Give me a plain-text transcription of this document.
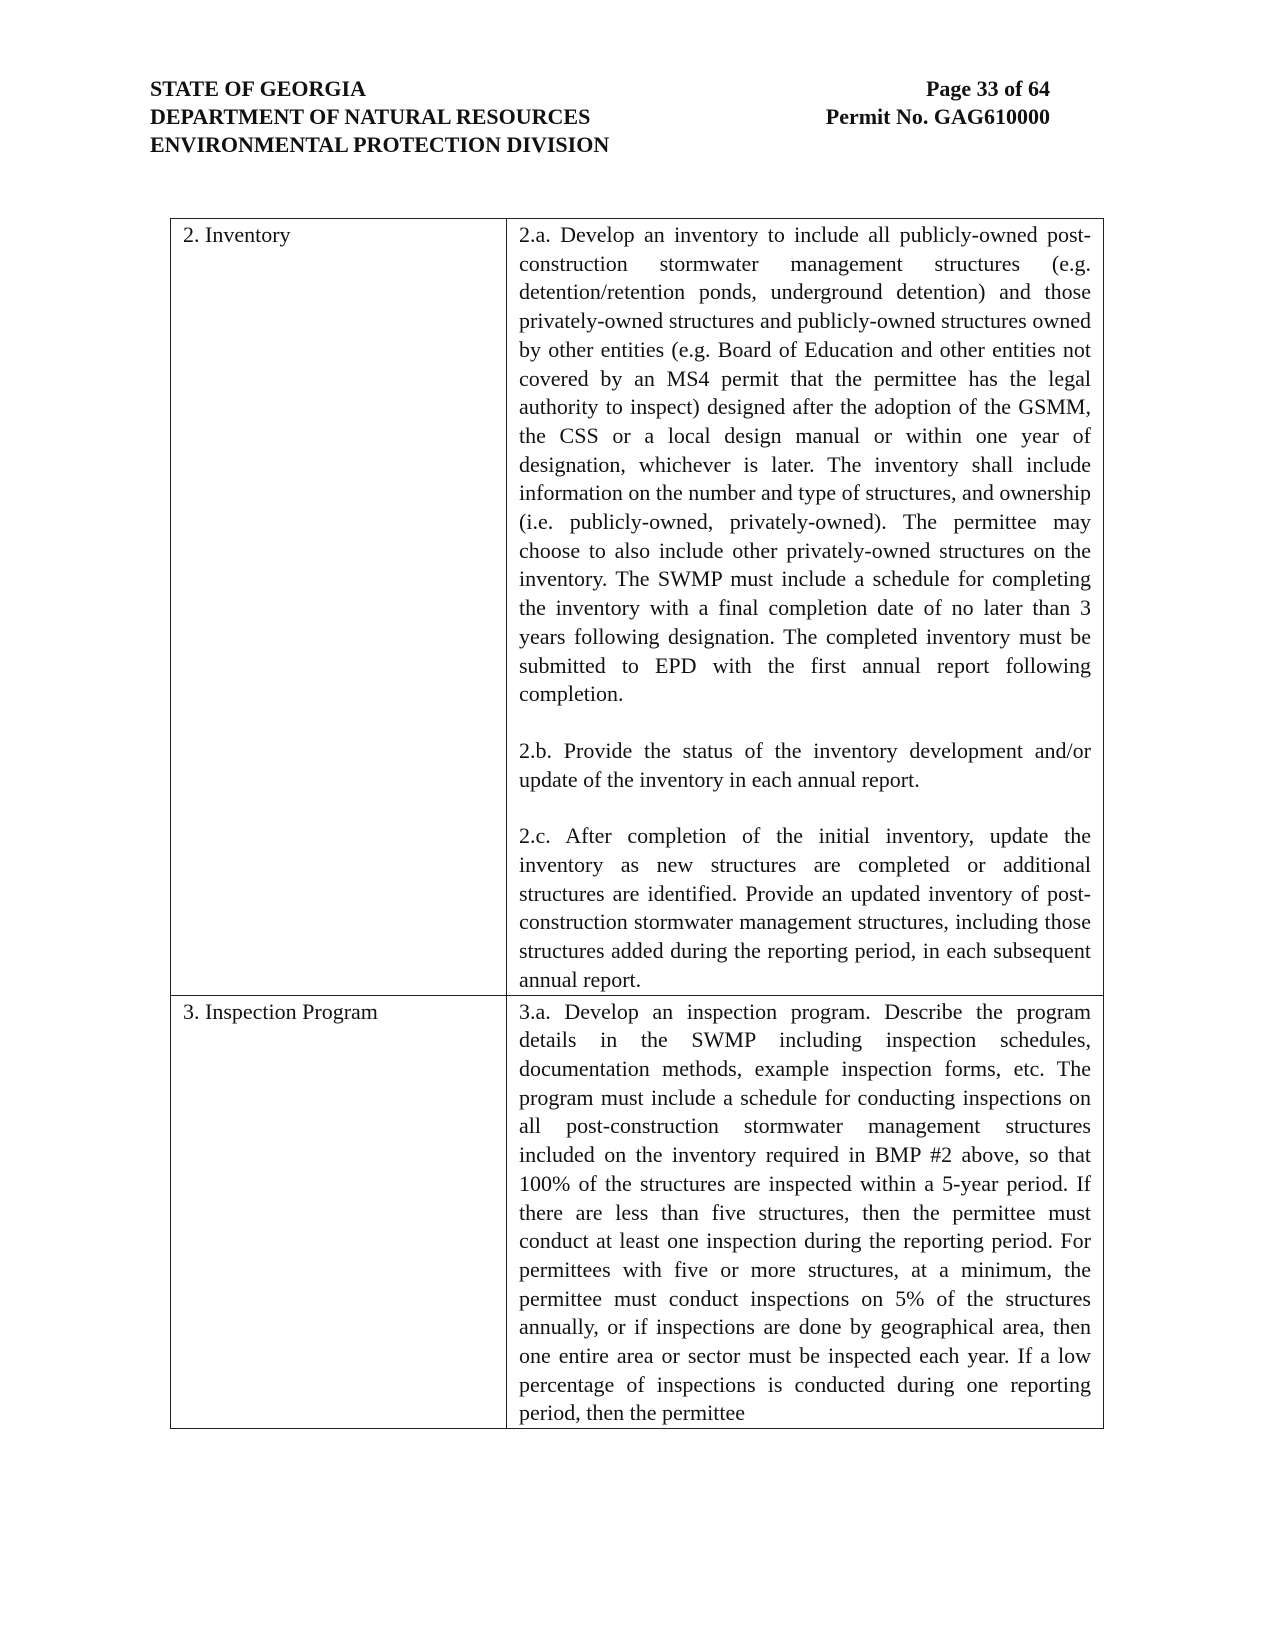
STATE OF GEORGIA
DEPARTMENT OF NATURAL RESOURCES
ENVIRONMENTAL PROTECTION DIVISION
Page 33 of 64
Permit No. GAG610000
2. Inventory	2.a. Develop an inventory to include all publicly-owned post-construction stormwater management structures (e.g. detention/retention ponds, underground detention) and those privately-owned structures and publicly-owned structures owned by other entities (e.g. Board of Education and other entities not covered by an MS4 permit that the permittee has the legal authority to inspect) designed after the adoption of the GSMM, the CSS or a local design manual or within one year of designation, whichever is later. The inventory shall include information on the number and type of structures, and ownership (i.e. publicly-owned, privately-owned). The permittee may choose to also include other privately-owned structures on the inventory. The SWMP must include a schedule for completing the inventory with a final completion date of no later than 3 years following designation. The completed inventory must be submitted to EPD with the first annual report following completion.

2.b. Provide the status of the inventory development and/or update of the inventory in each annual report.

2.c. After completion of the initial inventory, update the inventory as new structures are completed or additional structures are identified. Provide an updated inventory of post-construction stormwater management structures, including those structures added during the reporting period, in each subsequent annual report.

3. Inspection Program	3.a. Develop an inspection program. Describe the program details in the SWMP including inspection schedules, documentation methods, example inspection forms, etc. The program must include a schedule for conducting inspections on all post-construction stormwater management structures included on the inventory required in BMP #2 above, so that 100% of the structures are inspected within a 5-year period. If there are less than five structures, then the permittee must conduct at least one inspection during the reporting period. For permittees with five or more structures, at a minimum, the permittee must conduct inspections on 5% of the structures annually, or if inspections are done by geographical area, then one entire area or sector must be inspected each year. If a low percentage of inspections is conducted during one reporting period, then the permittee
